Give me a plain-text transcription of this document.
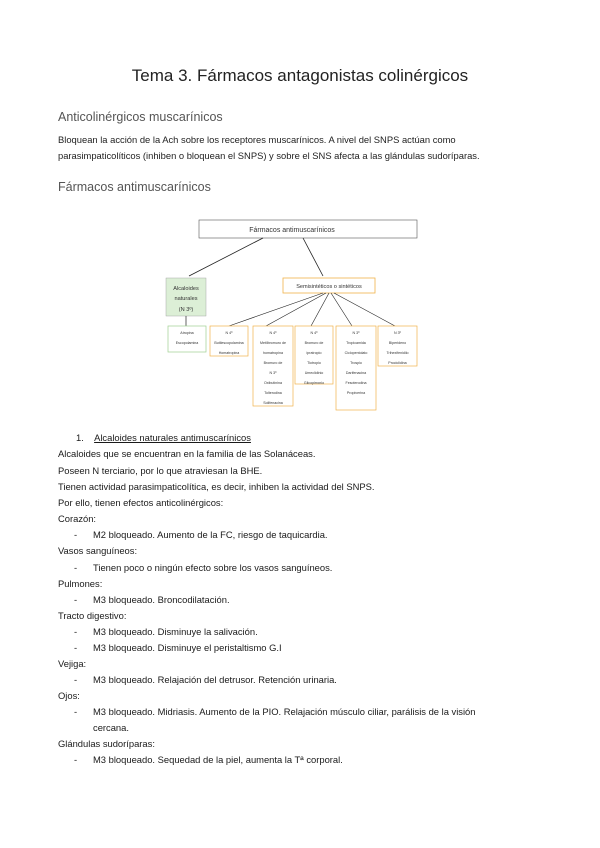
Tema 3. Fármacos antagonistas colinérgicos
Anticolinérgicos muscarínicos
Bloquean la acción de la Ach sobre los receptores muscarínicos. A nivel del SNPS actúan como
parasimpaticolíticos (inhiben o bloquean el SNPS) y sobre el SNS afecta a las glándulas sudoríparas.
Fármacos antimuscarínicos
Fármacos antimuscarínicos
Alcaloides
naturales
(N 3º)
Semisintéticos o sintéticos
Atropina
Escopolamina
N 4º
Butilescopolamina
Homatropina
N 4º
Metilbromuro de
homatropina
Bromuro de
N 3º
Oxibutinina
Tolterodina
Solifenacina
N 4º
Bromuro de
ipratropio
Tiotropio
Umeclidinio
Glicopirronio
N 3º
Tropicamida
Ciclopentolato
Trospio
Darifenacina
Fesoterodina
Propiverina
N 3º
Biperideno
Trihexifenidilo
Prociclidina
1. Alcaloides naturales antimuscarínicos
Alcaloides que se encuentran en la familia de las Solanáceas.
Poseen N terciario, por lo que atraviesan la BHE.
Tienen actividad parasimpaticolítica, es decir, inhiben la actividad del SNPS.
Por ello, tienen efectos anticolinérgicos:
Corazón:
- M2 bloqueado. Aumento de la FC, riesgo de taquicardia.
Vasos sanguíneos:
- Tienen poco o ningún efecto sobre los vasos sanguíneos.
Pulmones:
- M3 bloqueado. Broncodilatación.
Tracto digestivo:
- M3 bloqueado. Disminuye la salivación.
- M3 bloqueado. Disminuye el peristaltismo G.I
Vejiga:
- M3 bloqueado. Relajación del detrusor. Retención urinaria.
Ojos:
- M3 bloqueado. Midriasis. Aumento de la PIO. Relajación músculo ciliar, parálisis de la visión
cercana.
Glándulas sudoríparas:
- M3 bloqueado. Sequedad de la piel, aumenta la Tª corporal.
